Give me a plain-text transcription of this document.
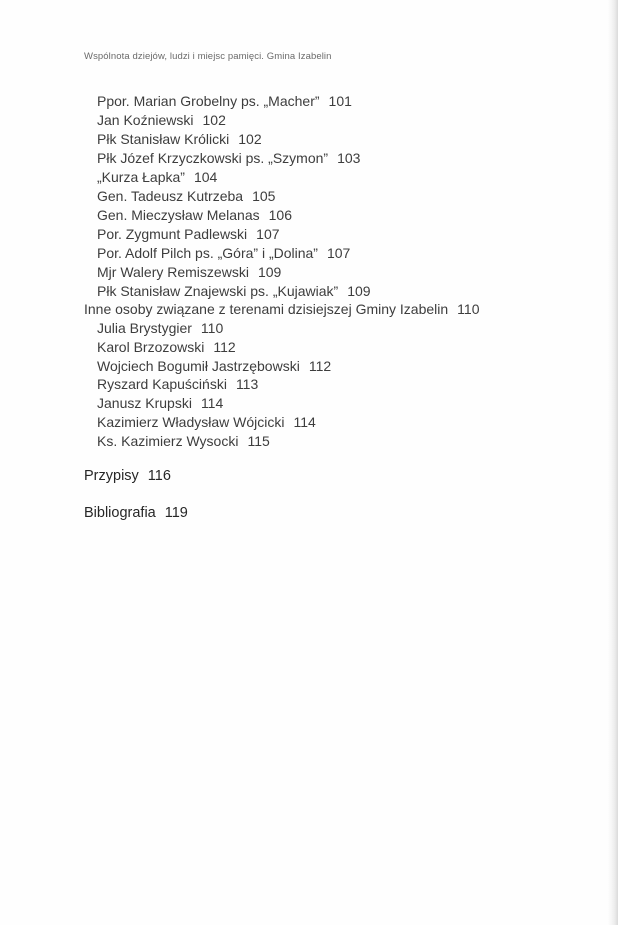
Wspólnota dziejów, ludzi i miejsc pamięci. Gmina Izabelin
Ppor. Marian Grobelny ps. „Macher” 101
Jan Koźniewski 102
Płk Stanisław Królicki 102
Płk Józef Krzyczkowski ps. „Szymon” 103
„Kurza Łapka” 104
Gen. Tadeusz Kutrzeba 105
Gen. Mieczysław Melanas 106
Por. Zygmunt Padlewski 107
Por. Adolf Pilch ps. „Góra” i „Dolina” 107
Mjr Walery Remiszewski 109
Płk Stanisław Znajewski ps. „Kujawiak” 109
Inne osoby związane z terenami dzisiejszej Gminy Izabelin 110
Julia Brystygier 110
Karol Brzozowski 112
Wojciech Bogumił Jastrzębowski 112
Ryszard Kapuściński 113
Janusz Krupski 114
Kazimierz Władysław Wójcicki 114
Ks. Kazimierz Wysocki 115
Przypisy 116
Bibliografia 119
